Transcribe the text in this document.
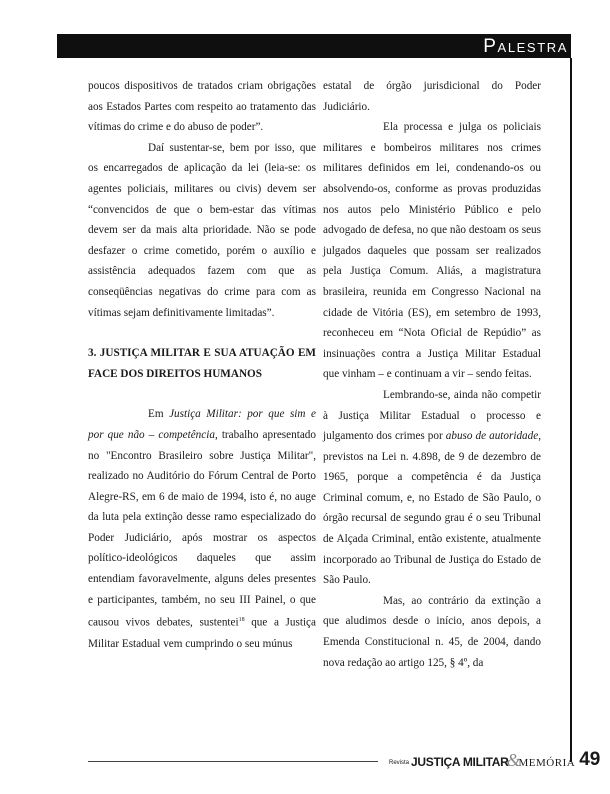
Palestra

poucos dispositivos de tratados criam obrigações aos Estados Partes com respeito ao tratamento das vítimas do crime e do abuso de poder”.

Daí sustentar-se, bem por isso, que os encarregados de aplicação da lei (leia-se: os agentes policiais, militares ou civis) devem ser “convencidos de que o bem-estar das vítimas devem ser da mais alta prioridade. Não se pode desfazer o crime cometido, porém o auxílio e assistência adequados fazem com que as conseqüências negativas do crime para com as vítimas sejam definitivamente limitadas”.

3. JUSTIÇA MILITAR E SUA ATUAÇÃO EM FACE DOS DIREITOS HUMANOS

Em Justiça Militar: por que sim e por que não – competência, trabalho apresentado no "Encontro Brasileiro sobre Justiça Militar", realizado no Auditório do Fórum Central de Porto Alegre-RS, em 6 de maio de 1994, isto é, no auge da luta pela extinção desse ramo especializado do Poder Judiciário, após mostrar os aspectos político-ideológicos daqueles que assim entendiam favoravelmente, alguns deles presentes e participantes, também, no seu III Painel, o que causou vivos debates, sustentei$^{18}$ que a Justiça Militar Estadual vem cumprindo o seu múnus

estatal de órgão jurisdicional do Poder Judiciário.

Ela processa e julga os policiais militares e bombeiros militares nos crimes militares definidos em lei, condenando-os ou absolvendo-os, conforme as provas produzidas nos autos pelo Ministério Público e pelo advogado de defesa, no que não destoam os seus julgados daqueles que possam ser realizados pela Justiça Comum. Aliás, a magistratura brasileira, reunida em Congresso Nacional na cidade de Vitória (ES), em setembro de 1993, reconheceu em “Nota Oficial de Repúdio” as insinuações contra a Justiça Militar Estadual que vinham – e continuam a vir – sendo feitas.

Lembrando-se, ainda não competir à Justiça Militar Estadual o processo e julgamento dos crimes por abuso de autoridade, previstos na Lei n. 4.898, de 9 de dezembro de 1965, porque a competência é da Justiça Criminal comum, e, no Estado de São Paulo, o órgão recursal de segundo grau é o seu Tribunal de Alçada Criminal, então existente, atualmente incorporado ao Tribunal de Justiça do Estado de São Paulo.

Mas, ao contrário da extinção a que aludimos desde o início, anos depois, a Emenda Constitucional n. 45, de 2004, dando nova redação ao artigo 125, § 4º, da

Revista JUSTIÇA MILITAR
&
MEMÓRIA 49
